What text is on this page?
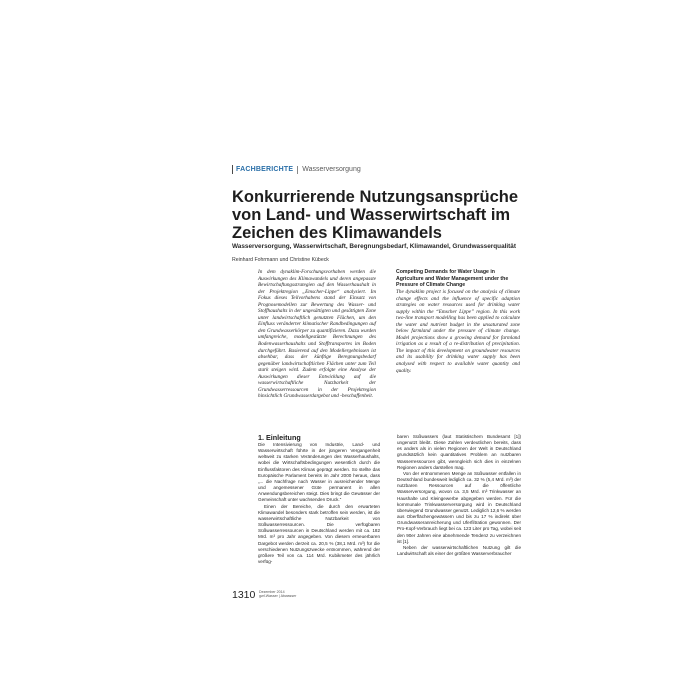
FACHBERICHTE Wasserversorgung
Konkurrierende Nutzungsansprüche
von Land- und Wasserwirtschaft im
Zeichen des Klimawandels
Wasserversorgung, Wasserwirtschaft, Beregnungsbedarf, Klimawandel, Grundwasserqualität
Reinhard Fohrmann und Christine Kübeck
In dem dynaklim-Forschungsvorhaben werden die Auswirkungen des Klimawandels und deren angepasste Bewirtschaftungsstrategien auf den Wasserhaushalt in der Projektregion „Emscher-Lippe“ analysiert. Im Fokus dieses Teilvorhabens stand der Einsatz von Prognosemodellen zur Bewertung des Wasser- und Stoffhaushalts in der ungesättigten und gesättigten Zone unter landwirtschaftlich genutzten Flächen, um den Einfluss veränderter klimatischer Randbedingungen auf den Grundwasserkörper zu quantifizieren. Dazu wurden umfangreiche, modellgestützte Berechnungen des Bodenwasserhaushalts und Stofftransportes im Boden durchgeführt. Basierend auf den Modellergebnissen ist absehbar, dass der künftige Beregnungsbedarf gegenüber landwirtschaftlichen Flächen unter zum Teil stark steigen wird. Zudem erfolgte eine Analyse der Auswirkungen dieser Entwicklung auf die wasserwirtschaftliche Nutzbarkeit der Grundwasserressourcen in der Projektregion hinsichtlich Grundwasserdargebot und -beschaffenheit.
Competing Demands for Water Usage in Agriculture and Water Management under the Pressure of Climate Change
The dynaklim project is focused on the analysis of climate change effects and the influence of specific adaption strategies on water resources used for drinking water supply within the “Emscher Lippe” region. In this work two-line transport modelling has been applied to calculate the water and nutrient budget in the unsaturated zone below farmland under the pressure of climate change. Model projections show a growing demand for farmland irrigation as a result of a re-distribution of precipitation. The impact of this development on groundwater resources and its usability for drinking water supply has been analysed with respect to available water quantity and quality.
1. Einleitung

Die Intensivierung von Industrie, Land- und Wasserwirtschaft führte in der jüngeren Vergangenheit weltweit zu starken Veränderungen des Wasserhaushalts, wobei die Wirtschaftsbedingungen wesentlich durch die Einflussfaktoren des Klimas geprägt werden. So stellte das Europäische Parlament bereits im Jahr 2000 heraus, dass „... die Nachfrage nach Wasser in ausreichender Menge und angemessener Güte permanent in allen Anwendungsbereichen steigt. Dies bringt die Gewässer der Gemeinschaft unter wachsenden Druck.“

Einen der Bereiche, die durch den erwarteten Klimawandel besonders stark betroffen sein werden, ist die wasserwirtschaftliche Nutzbarkeit von Süßwasserressourcen. Die verfügbaren Süßwasserressourcen in Deutschland werden mit ca. 182 Mrd. m³ pro Jahr angegeben. Von diesem erneuerbaren Dargebot werden derzeit ca. 20,5 % (38,1 Mrd. m³) für die verschiedenen Nutzungszwecke entnommen, während der größere Teil von ca. 114 Mrd. Kubikmeter des jährlich verfüg-

baren Süßwassers (laut Statistischem Bundesamt [1]) ungenutzt bleibt. Diese Zahlen verdeutlichen bereits, dass es anders als in vielen Regionen der Welt in Deutschland grundsätzlich kein quantitatives Problem an nutzbaren Wasserressourcen gibt, wenngleich sich dies in einzelnen Regionen anders darstellen mag.

Von der entnommenen Menge an Süßwasser entfallen in Deutschland bundesweit lediglich ca. 32 % (5,4 Mrd. m³) der nutzbaren Ressourcen auf die öffentliche Wasserversorgung, wovon ca. 3,5 Mrd. m³ Trinkwasser an Haushalte und Kleingewerbe abgegeben werden. Für die kommunale Trinkwasserversorgung wird in Deutschland überwiegend Grundwasser genutzt. Lediglich 12,6 % werden aus Oberflächengewässern und bis zu 17 % indirekt über Grundwasseranreicherung und Uferfiltration gewonnen. Der Pro-Kopf-Verbrauch liegt bei ca. 123 Liter pro Tag, wobei seit den 90er Jahren eine abnehmende Tendenz zu verzeichnen ist [1].

Neben der wasserwirtschaftlichen Nutzung gilt die Landwirtschaft als einer der größten Wasserverbraucher

1310 Dezember 2014
gwf-Wasser | Abwasser
